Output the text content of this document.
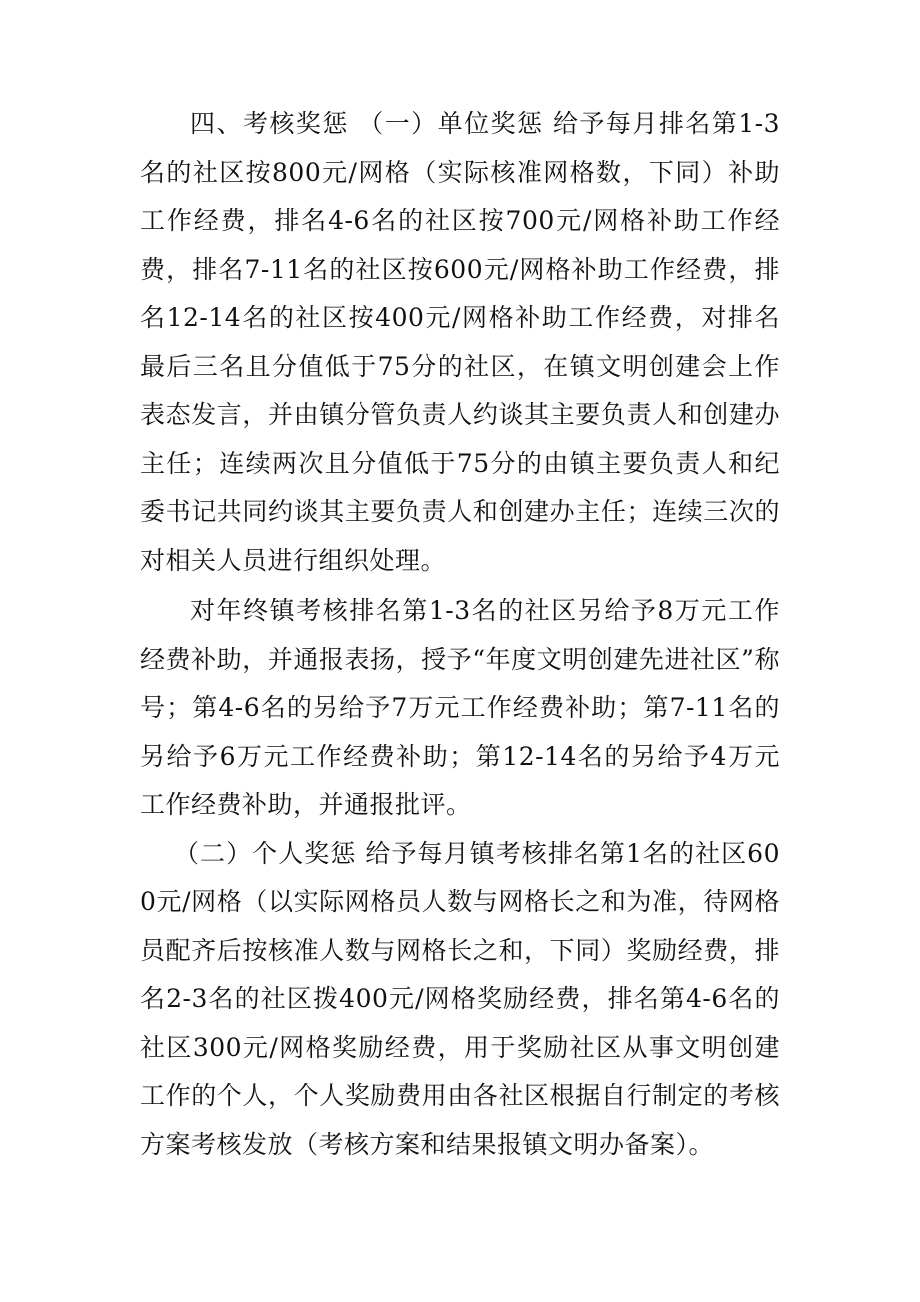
四、考核奖惩 （一）单位奖惩 给予每月排名第1-3名的社区按800元/网格（实际核准网格数，下同）补助工作经费，排名4-6名的社区按700元/网格补助工作经费，排名7-11名的社区按600元/网格补助工作经费，排名12-14名的社区按400元/网格补助工作经费，对排名最后三名且分值低于75分的社区，在镇文明创建会上作表态发言，并由镇分管负责人约谈其主要负责人和创建办主任；连续两次且分值低于75分的由镇主要负责人和纪委书记共同约谈其主要负责人和创建办主任；连续三次的对相关人员进行组织处理。

对年终镇考核排名第1-3名的社区另给予8万元工作经费补助，并通报表扬，授予“年度文明创建先进社区”称号；第4-6名的另给予7万元工作经费补助；第7-11名的另给予6万元工作经费补助；第12-14名的另给予4万元工作经费补助，并通报批评。

（二）个人奖惩 给予每月镇考核排名第1名的社区600元/网格（以实际网格员人数与网格长之和为准，待网格员配齐后按核准人数与网格长之和，下同）奖励经费，排名2-3名的社区拨400元/网格奖励经费，排名第4-6名的社区300元/网格奖励经费，用于奖励社区从事文明创建工作的个人，个人奖励费用由各社区根据自行制定的考核方案考核发放（考核方案和结果报镇文明办备案）。
